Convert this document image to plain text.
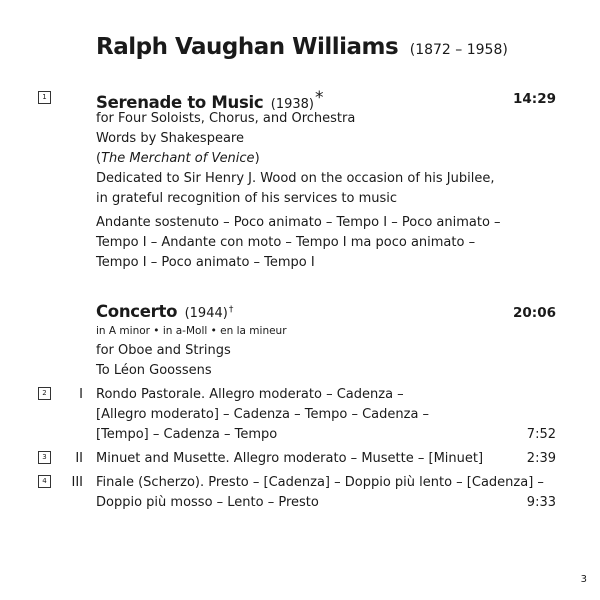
Ralph Vaughan Williams (1872 – 1958)
1	Serenade to Music (1938)*	14:29
for Four Soloists, Chorus, and Orchestra
Words by Shakespeare
(The Merchant of Venice)
Dedicated to Sir Henry J. Wood on the occasion of his Jubilee,
in grateful recognition of his services to music
Andante sostenuto – Poco animato – Tempo I – Poco animato –
Tempo I – Andante con moto – Tempo I ma poco animato –
Tempo I – Poco animato – Tempo I
Concerto (1944)†	20:06
in A minor • in a-Moll • en la mineur
for Oboe and Strings
To Léon Goossens
2	I Rondo Pastorale. Allegro moderato – Cadenza –
[Allegro moderato] – Cadenza – Tempo – Cadenza –
[Tempo] – Cadenza – Tempo	7:52
3	II Minuet and Musette. Allegro moderato – Musette – [Minuet]	2:39
4	III Finale (Scherzo). Presto – [Cadenza] – Doppio più lento – [Cadenza] –
Doppio più mosso – Lento – Presto	9:33
3
